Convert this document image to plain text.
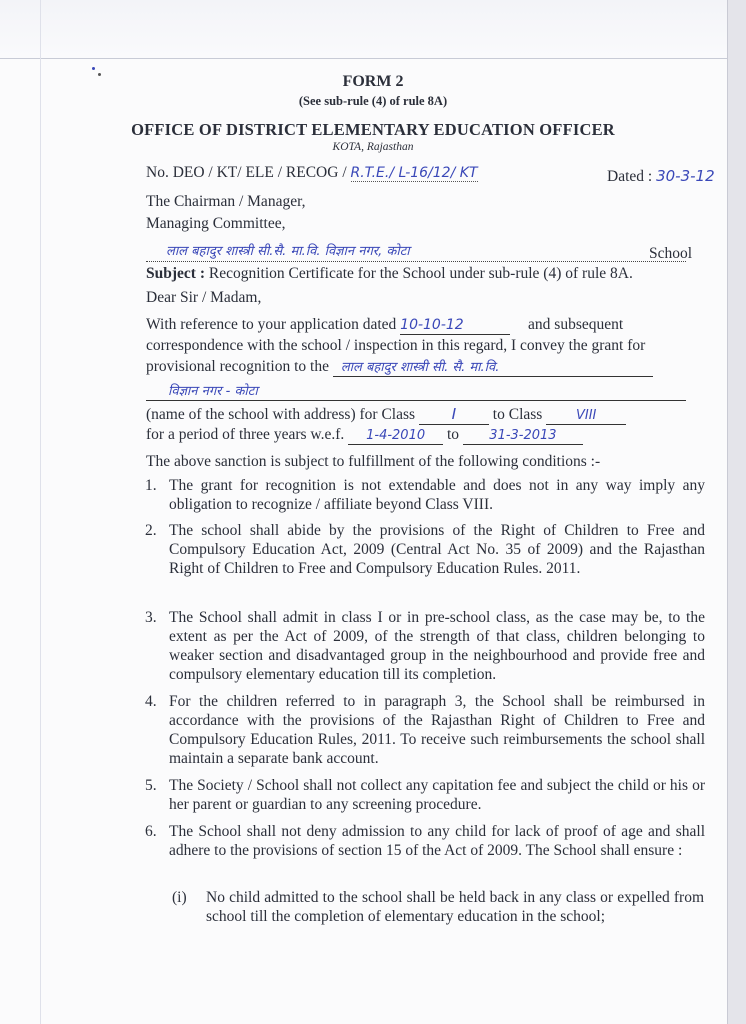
FORM 2
(See sub-rule (4) of rule 8A)
OFFICE OF DISTRICT ELEMENTARY EDUCATION OFFICER
KOTA, Rajasthan
No. DEO / KT/ ELE / RECOG / R.T.E./ L-16/12/ KT	Dated : 30-3-12
The Chairman / Manager,
Managing Committee,
लाल बहादुर शास्त्री सी.सै. मा.वि. विज्ञान नगर, कोटा	School
Subject : Recognition Certificate for the School under sub-rule (4) of rule 8A.
Dear Sir / Madam,
With reference to your application dated 10-10-12	and subsequent
correspondence with the school / inspection in this regard, I convey the grant for
provisional recognition to the लाल बहादुर शास्त्री सी. सै. मा.वि.
विज्ञान नगर - कोटा
(name of the school with address) for Class I to Class	VIII
for a period of three years w.e.f. 1-4-2010 to 31-3-2013
The above sanction is subject to fulfillment of the following conditions :-
1. The grant for recognition is not extendable and does not in any way imply any obligation to recognize / affiliate beyond Class VIII.
2. The school shall abide by the provisions of the Right of Children to Free and Compulsory Education Act, 2009 (Central Act No. 35 of 2009) and the Rajasthan Right of Children to Free and Compulsory Education Rules. 2011.
3. The School shall admit in class I or in pre-school class, as the case may be, to the extent as per the Act of 2009, of the strength of that class, children belonging to weaker section and disadvantaged group in the neighbourhood and provide free and compulsory elementary education till its completion.
4. For the children referred to in paragraph 3, the School shall be reimbursed in accordance with the provisions of the Rajasthan Right of Children to Free and Compulsory Education Rules, 2011. To receive such reimbursements the school shall maintain a separate bank account.
5. The Society / School shall not collect any capitation fee and subject the child or his or her parent or guardian to any screening procedure.
6. The School shall not deny admission to any child for lack of proof of age and shall adhere to the provisions of section 15 of the Act of 2009. The School shall ensure :
(i) No child admitted to the school shall be held back in any class or expelled from school till the completion of elementary education in the school;
